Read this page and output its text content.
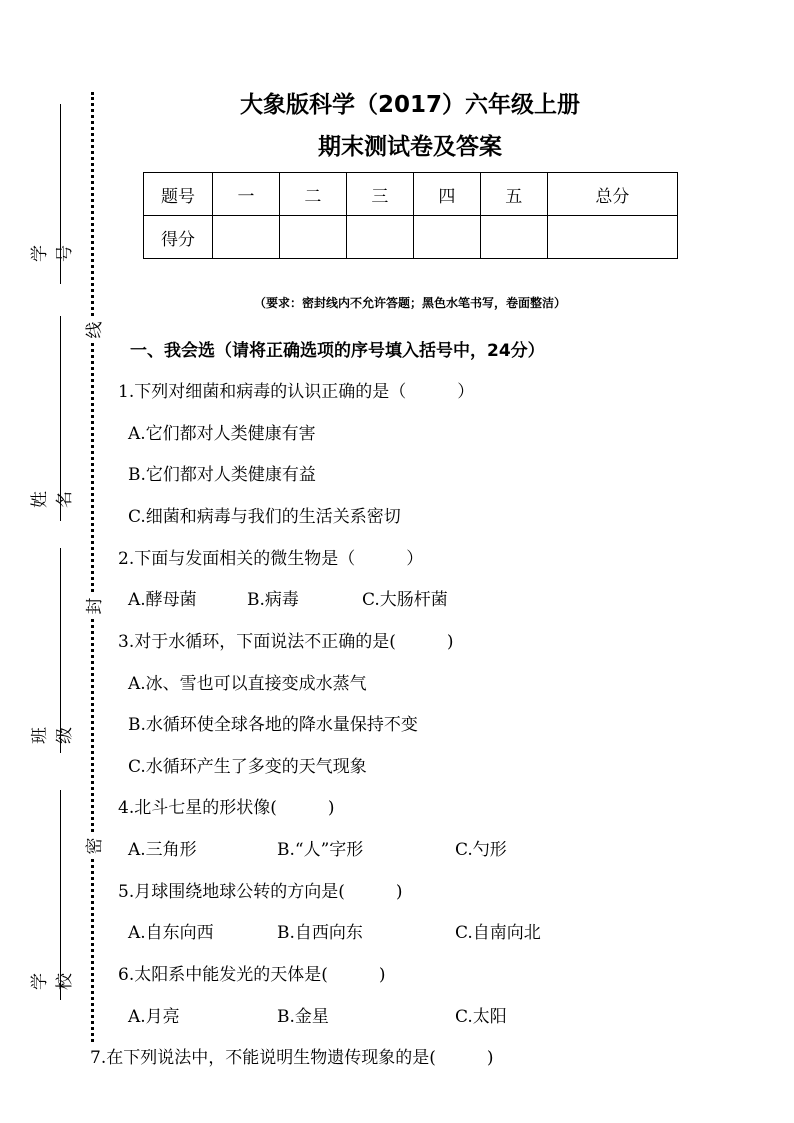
学号
姓名
班级
学校
线
封
密
大象版科学（2017）六年级上册
期末测试卷及答案
题号	一	二	三	四	五	总分
得分						
（要求：密封线内不允许答题；黑色水笔书写，卷面整洁）
一、我会选（请将正确选项的序号填入括号中，24分）
1.下列对细菌和病毒的认识正确的是（　　　）
A.它们都对人类健康有害
B.它们都对人类健康有益
C.细菌和病毒与我们的生活关系密切
2.下面与发面相关的微生物是（　　　）
A.酵母菌	B.病毒	C.大肠杆菌
3.对于水循环，下面说法不正确的是(　　　)
A.冰、雪也可以直接变成水蒸气
B.水循环使全球各地的降水量保持不变
C.水循环产生了多变的天气现象
4.北斗七星的形状像(　　　)
A.三角形	B.“人”字形	C.勺形
5.月球围绕地球公转的方向是(　　　)
A.自东向西	B.自西向东	C.自南向北
6.太阳系中能发光的天体是(　　　)
A.月亮	B.金星	C.太阳
7.在下列说法中，不能说明生物遗传现象的是(　　　)
